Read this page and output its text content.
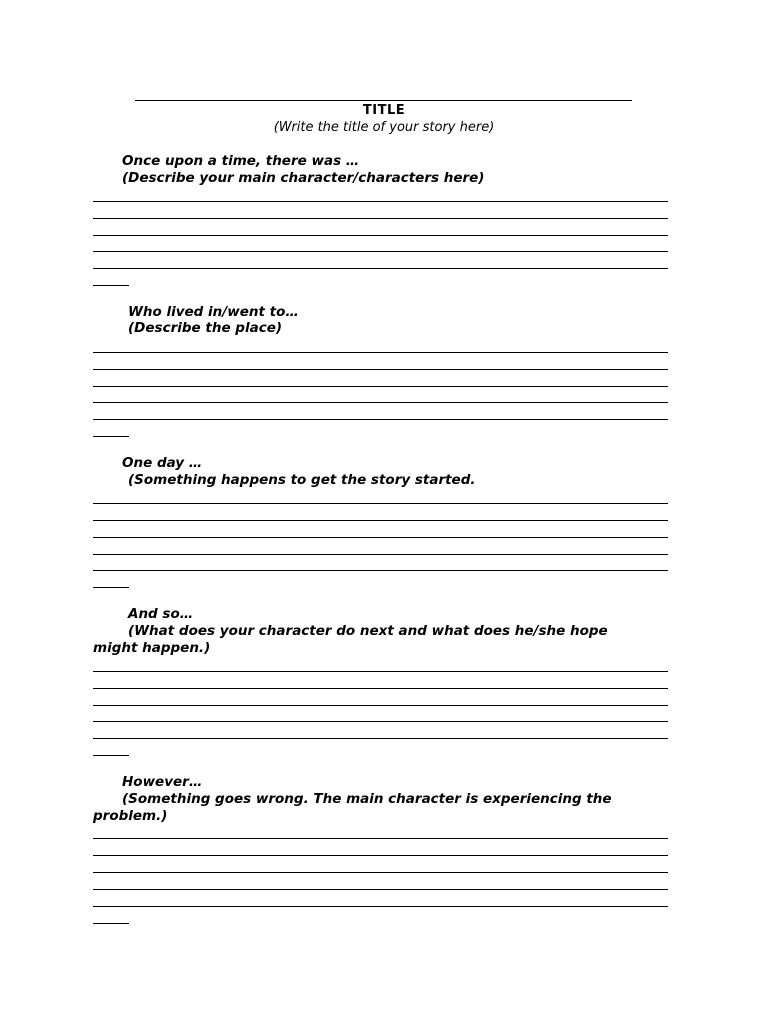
TITLE
(Write the title of your story here)
Once upon a time, there was …
(Describe your main character/characters here)
Who lived in/went to…
(Describe the place)
One day …
(Something happens to get the story started.
And so…
(What does your character do next and what does he/she hope might happen.)
However…
(Something goes wrong. The main character is experiencing the problem.)
